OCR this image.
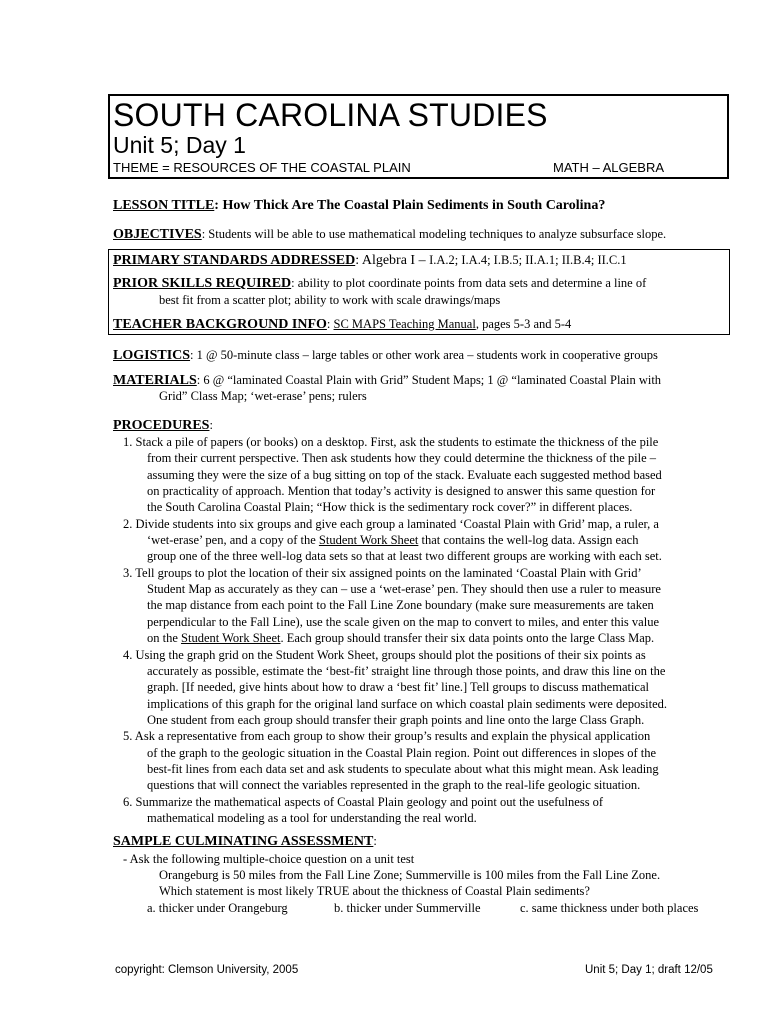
SOUTH CAROLINA STUDIES
Unit 5; Day 1
THEME = RESOURCES OF THE COASTAL PLAIN	MATH – ALGEBRA
LESSON TITLE: How Thick Are The Coastal Plain Sediments in South Carolina?
OBJECTIVES: Students will be able to use mathematical modeling techniques to analyze subsurface slope.
PRIMARY STANDARDS ADDRESSED: Algebra I – I.A.2; I.A.4; I.B.5; II.A.1; II.B.4; II.C.1
PRIOR SKILLS REQUIRED: ability to plot coordinate points from data sets and determine a line of
best fit from a scatter plot; ability to work with scale drawings/maps
TEACHER BACKGROUND INFO: SC MAPS Teaching Manual, pages 5-3 and 5-4
LOGISTICS: 1 @ 50-minute class – large tables or other work area – students work in cooperative groups
MATERIALS: 6 @ “laminated Coastal Plain with Grid” Student Maps; 1 @ “laminated Coastal Plain with
Grid” Class Map; ‘wet-erase’ pens; rulers
PROCEDURES:
1. Stack a pile of papers (or books) on a desktop. First, ask the students to estimate the thickness of the pile
from their current perspective. Then ask students how they could determine the thickness of the pile –
assuming they were the size of a bug sitting on top of the stack. Evaluate each suggested method based
on practicality of approach. Mention that today’s activity is designed to answer this same question for
the South Carolina Coastal Plain; “How thick is the sedimentary rock cover?” in different places.
2. Divide students into six groups and give each group a laminated ‘Coastal Plain with Grid’ map, a ruler, a
‘wet-erase’ pen, and a copy of the Student Work Sheet that contains the well-log data. Assign each
group one of the three well-log data sets so that at least two different groups are working with each set.
3. Tell groups to plot the location of their six assigned points on the laminated ‘Coastal Plain with Grid’
Student Map as accurately as they can – use a ‘wet-erase’ pen. They should then use a ruler to measure
the map distance from each point to the Fall Line Zone boundary (make sure measurements are taken
perpendicular to the Fall Line), use the scale given on the map to convert to miles, and enter this value
on the Student Work Sheet. Each group should transfer their six data points onto the large Class Map.
4. Using the graph grid on the Student Work Sheet, groups should plot the positions of their six points as
accurately as possible, estimate the ‘best-fit’ straight line through those points, and draw this line on the
graph. [If needed, give hints about how to draw a ‘best fit’ line.] Tell groups to discuss mathematical
implications of this graph for the original land surface on which coastal plain sediments were deposited.
One student from each group should transfer their graph points and line onto the large Class Graph.
5. Ask a representative from each group to show their group’s results and explain the physical application
of the graph to the geologic situation in the Coastal Plain region. Point out differences in slopes of the
best-fit lines from each data set and ask students to speculate about what this might mean. Ask leading
questions that will connect the variables represented in the graph to the real-life geologic situation.
6. Summarize the mathematical aspects of Coastal Plain geology and point out the usefulness of
mathematical modeling as a tool for understanding the real world.
SAMPLE CULMINATING ASSESSMENT:
- Ask the following multiple-choice question on a unit test
Orangeburg is 50 miles from the Fall Line Zone; Summerville is 100 miles from the Fall Line Zone.
Which statement is most likely TRUE about the thickness of Coastal Plain sediments?
a. thicker under Orangeburg	b. thicker under Summerville	c. same thickness under both places
copyright: Clemson University, 2005	Unit 5; Day 1; draft 12/05
